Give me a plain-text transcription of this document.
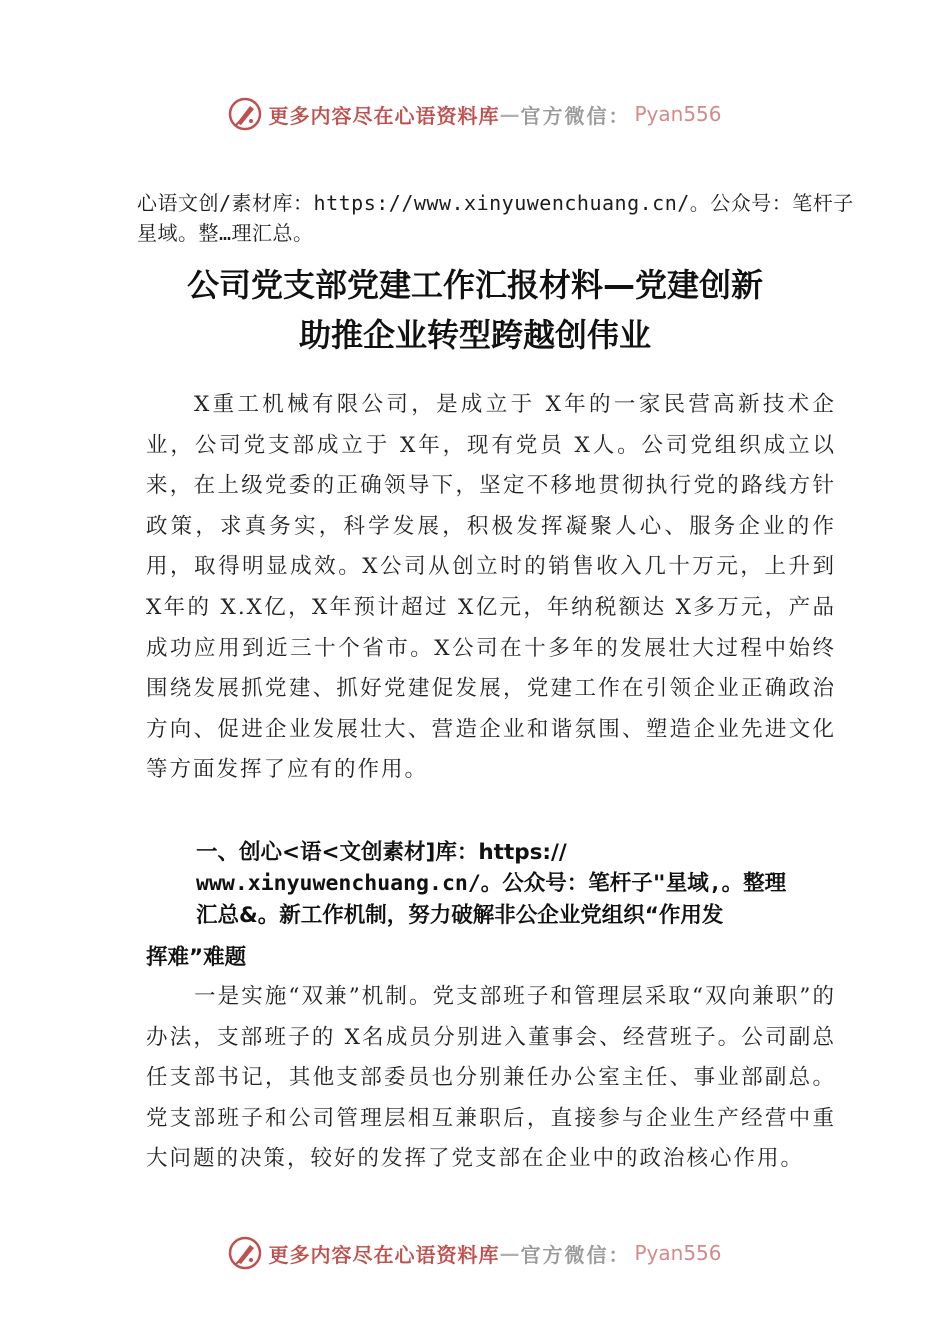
更多内容尽在心语资料库 — 官方微信： Pyan556
心语文创/素材库：https://www.xinyuwenchuang.cn/。公众号：笔杆子星域。整…理汇总。
公司党支部党建工作汇报材料—党建创新
助推企业转型跨越创伟业
X重工机械有限公司，是成立于 X年的一家民营高新技术企业，公司党支部成立于 X年，现有党员 X人。公司党组织成立以来，在上级党委的正确领导下，坚定不移地贯彻执行党的路线方针政策，求真务实，科学发展，积极发挥凝聚人心、服务企业的作用，取得明显成效。X公司从创立时的销售收入几十万元，上升到 X年的 X.X亿，X年预计超过 X亿元，年纳税额达 X多万元，产品成功应用到近三十个省市。X公司在十多年的发展壮大过程中始终围绕发展抓党建、抓好党建促发展，党建工作在引领企业正确政治方向、促进企业发展壮大、营造企业和谐氛围、塑造企业先进文化等方面发挥了应有的作用。
一、创心<语<文创素材]库：https://
www.xinyuwenchuang.cn/。公众号：笔杆子"星域,。整理
汇总&。新工作机制，努力破解非公企业党组织“作用发
挥难”难题
一是实施“双兼”机制。党支部班子和管理层采取“双向兼职”的办法，支部班子的 X名成员分别进入董事会、经营班子。公司副总任支部书记，其他支部委员也分别兼任办公室主任、事业部副总。党支部班子和公司管理层相互兼职后，直接参与企业生产经营中重大问题的决策，较好的发挥了党支部在企业中的政治核心作用。
更多内容尽在心语资料库 — 官方微信： Pyan556
